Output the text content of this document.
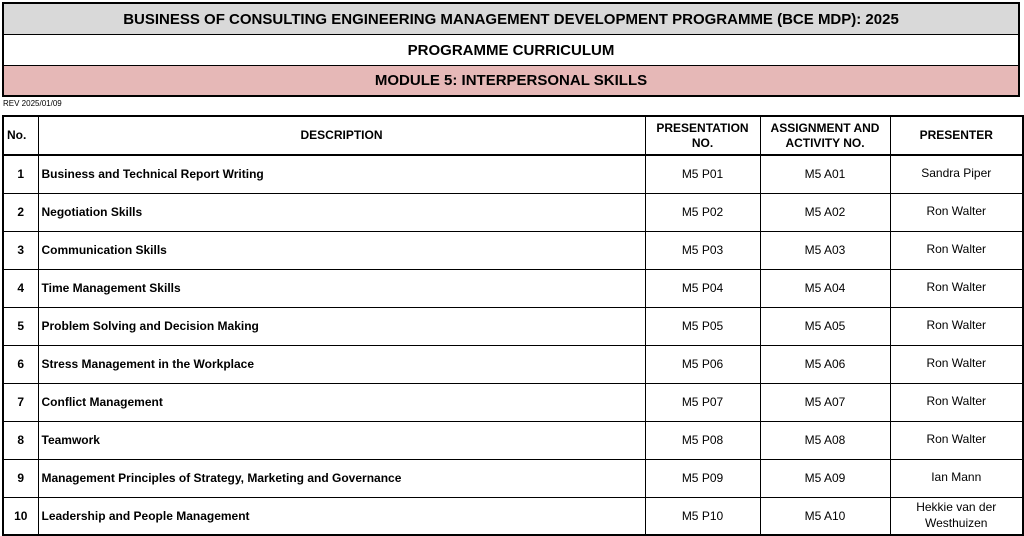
BUSINESS OF CONSULTING ENGINEERING MANAGEMENT DEVELOPMENT PROGRAMME (BCE MDP): 2025
PROGRAMME CURRICULUM
MODULE 5: INTERPERSONAL SKILLS
REV 2025/01/09
No.	DESCRIPTION	PRESENTATION NO.	ASSIGNMENT AND ACTIVITY NO.	PRESENTER
1	Business and Technical Report Writing	M5 P01	M5 A01	Sandra Piper
2	Negotiation Skills	M5 P02	M5 A02	Ron Walter
3	Communication Skills	M5 P03	M5 A03	Ron Walter
4	Time Management Skills	M5 P04	M5 A04	Ron Walter
5	Problem Solving and Decision Making	M5 P05	M5 A05	Ron Walter
6	Stress Management in the Workplace	M5 P06	M5 A06	Ron Walter
7	Conflict Management	M5 P07	M5 A07	Ron Walter
8	Teamwork	M5 P08	M5 A08	Ron Walter
9	Management Principles of Strategy, Marketing and Governance	M5 P09	M5 A09	Ian Mann
10	Leadership and People Management	M5 P10	M5 A10	Hekkie van der Westhuizen
